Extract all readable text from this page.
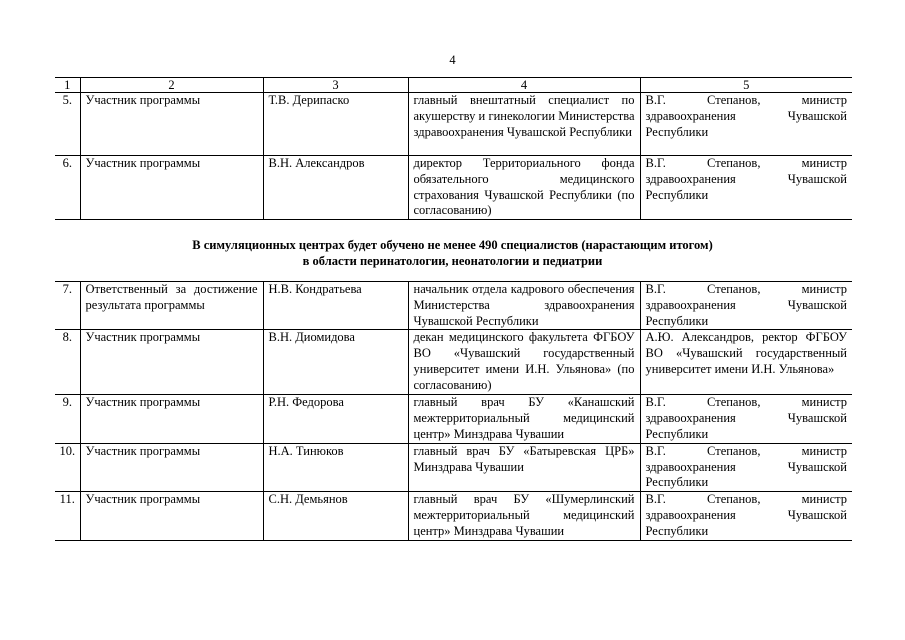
4
1	2	3	4	5
5.	Участник программы	Т.В. Дерипаско	главный внештатный специалист по акушерству и гинекологии Министерства здравоохранения Чувашской Республики	В.Г. Степанов, министр здравоохранения Чувашской Республики
6.	Участник программы	В.Н. Александров	директор Территориального фонда обязательного медицинского страхования Чувашской Республики (по согласованию)	В.Г. Степанов, министр здравоохранения Чувашской Республики
В симуляционных центрах будет обучено не менее 490 специалистов (нарастающим итогом)
в области перинатологии, неонатологии и педиатрии
7.	Ответственный за достижение результата программы	Н.В. Кондратьева	начальник отдела кадрового обеспечения Министерства здравоохранения Чувашской Республики	В.Г. Степанов, министр здравоохранения Чувашской Республики
8.	Участник программы	В.Н. Диомидова	декан медицинского факультета ФГБОУ ВО «Чувашский государственный университет имени И.Н. Ульянова» (по согласованию)	А.Ю. Александров, ректор ФГБОУ ВО «Чувашский государственный университет имени И.Н. Ульянова»
9.	Участник программы	Р.Н. Федорова	главный врач БУ «Канашский межтерриториальный медицинский центр» Минздрава Чувашии	В.Г. Степанов, министр здравоохранения Чувашской Республики
10.	Участник программы	Н.А. Тинюков	главный врач БУ «Батыревская ЦРБ» Минздрава Чувашии	В.Г. Степанов, министр здравоохранения Чувашской Республики
11.	Участник программы	С.Н. Демьянов	главный врач БУ «Шумерлинский межтерриториальный медицинский центр» Минздрава Чувашии	В.Г. Степанов, министр здравоохранения Чувашской Республики
